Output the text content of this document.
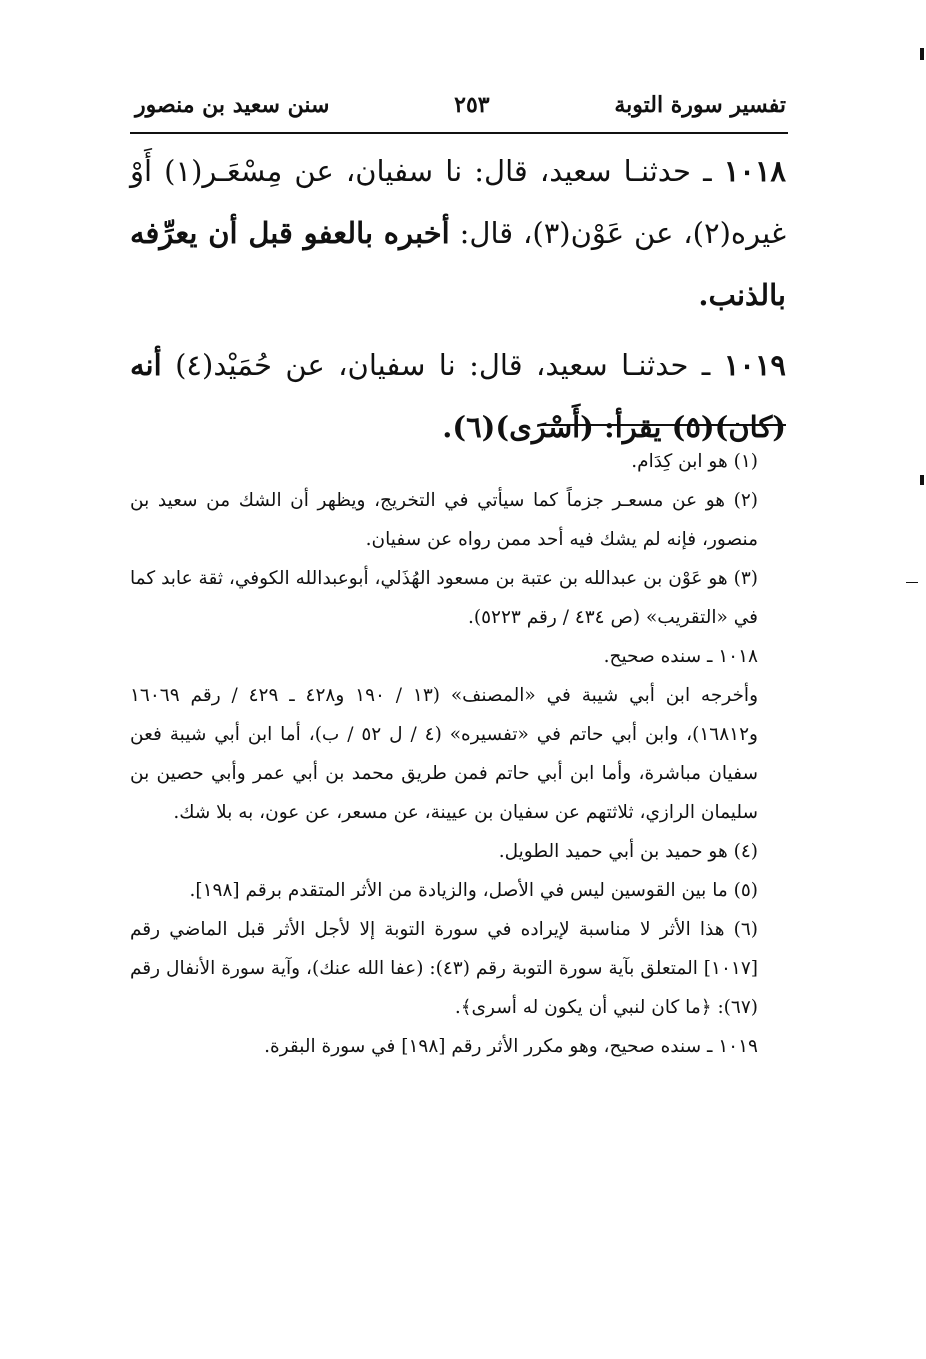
تفسير سورة التوبة
٢٥٣
سنن سعيد بن منصور

١٠١٨ ـ حدثنـا سعيد، قال: نا سفيان، عن مِسْعَـر(١) أَوْ غيره(٢)، عن عَوْن(٣)، قال: أخبره بالعفو قبل أن يعرِّفه بالذنب.

١٠١٩ ـ حدثنـا سعيد، قال: نا سفيان، عن حُمَيْد(٤) أنه (كان)(٥) يقرأ: (أَسْرَى)(٦).

(١) هو ابن كِدَام.

(٢) هو عن مسعـر جزماً كما سيأتي في التخريج، ويظهر أن الشك من سعيد بن منصور، فإنه لم يشك فيه أحد ممن رواه عن سفيان.

(٣) هو عَوْن بن عبدالله بن عتبة بن مسعود الهُذَلي، أبوعبدالله الكوفي، ثقة عابد كما في «التقريب» (ص ٤٣٤ / رقم ٥٢٢٣).

١٠١٨ ـ سنده صحيح.

وأخرجه ابن أبي شيبة في «المصنف» (١٣ / ١٩٠ و٤٢٨ ـ ٤٢٩ / رقم ١٦٠٦٩ و١٦٨١٢)، وابن أبي حاتم في «تفسيره» (٤ / ل ٥٢ / ب)، أما ابن أبي شيبة فعن سفيان مباشرة، وأما ابن أبي حاتم فمن طريق محمد بن أبي عمر وأبي حصين بن سليمان الرازي، ثلاثتهم عن سفيان بن عيينة، عن مسعر، عن عون، به بلا شك.

(٤) هو حميد بن أبي حميد الطويل.

(٥) ما بين القوسين ليس في الأصل، والزيادة من الأثر المتقدم برقم [١٩٨].

(٦) هذا الأثر لا مناسبة لإيراده في سورة التوبة إلا لأجل الأثر قبل الماضي رقم [١٠١٧] المتعلق بآية سورة التوبة رقم (٤٣): (عفا الله عنك)، وآية سورة الأنفال رقم (٦٧): ﴿ما كان لنبي أن يكون له أسرى﴾.

١٠١٩ ـ سنده صحيح، وهو مكرر الأثر رقم [١٩٨] في سورة البقرة.
